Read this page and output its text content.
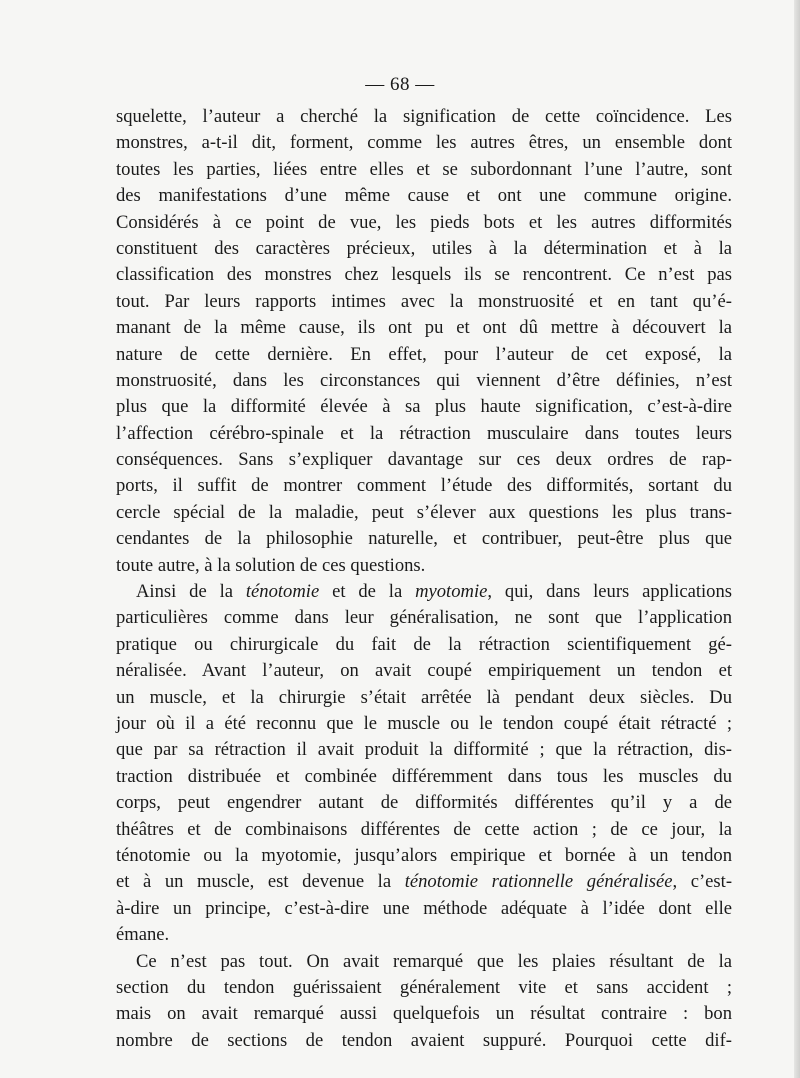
— 68 —
squelette, l’auteur a cherché la signification de cette coïncidence. Les
monstres, a-t-il dit, forment, comme les autres êtres, un ensemble dont
toutes les parties, liées entre elles et se subordonnant l’une l’autre, sont
des manifestations d’une même cause et ont une commune origine.
Considérés à ce point de vue, les pieds bots et les autres difformités
constituent des caractères précieux, utiles à la détermination et à la
classification des monstres chez lesquels ils se rencontrent. Ce n’est pas
tout. Par leurs rapports intimes avec la monstruosité et en tant qu’é-
manant de la même cause, ils ont pu et ont dû mettre à découvert la
nature de cette dernière. En effet, pour l’auteur de cet exposé, la
monstruosité, dans les circonstances qui viennent d’être définies, n’est
plus que la difformité élevée à sa plus haute signification, c’est-à-dire
l’affection cérébro-spinale et la rétraction musculaire dans toutes leurs
conséquences. Sans s’expliquer davantage sur ces deux ordres de rap-
ports, il suffit de montrer comment l’étude des difformités, sortant du
cercle spécial de la maladie, peut s’élever aux questions les plus trans-
cendantes de la philosophie naturelle, et contribuer, peut-être plus que
toute autre, à la solution de ces questions.
Ainsi de la ténotomie et de la myotomie, qui, dans leurs applications
particulières comme dans leur généralisation, ne sont que l’application
pratique ou chirurgicale du fait de la rétraction scientifiquement gé-
néralisée. Avant l’auteur, on avait coupé empiriquement un tendon et
un muscle, et la chirurgie s’était arrêtée là pendant deux siècles. Du
jour où il a été reconnu que le muscle ou le tendon coupé était rétracté ;
que par sa rétraction il avait produit la difformité ; que la rétraction, dis-
traction distribuée et combinée différemment dans tous les muscles du
corps, peut engendrer autant de difformités différentes qu’il y a de
théâtres et de combinaisons différentes de cette action ; de ce jour, la
ténotomie ou la myotomie, jusqu’alors empirique et bornée à un tendon
et à un muscle, est devenue la ténotomie rationnelle généralisée, c’est-
à-dire un principe, c’est-à-dire une méthode adéquate à l’idée dont elle
émane.
Ce n’est pas tout. On avait remarqué que les plaies résultant de la
section du tendon guérissaient généralement vite et sans accident ;
mais on avait remarqué aussi quelquefois un résultat contraire : bon
nombre de sections de tendon avaient suppuré. Pourquoi cette dif-
